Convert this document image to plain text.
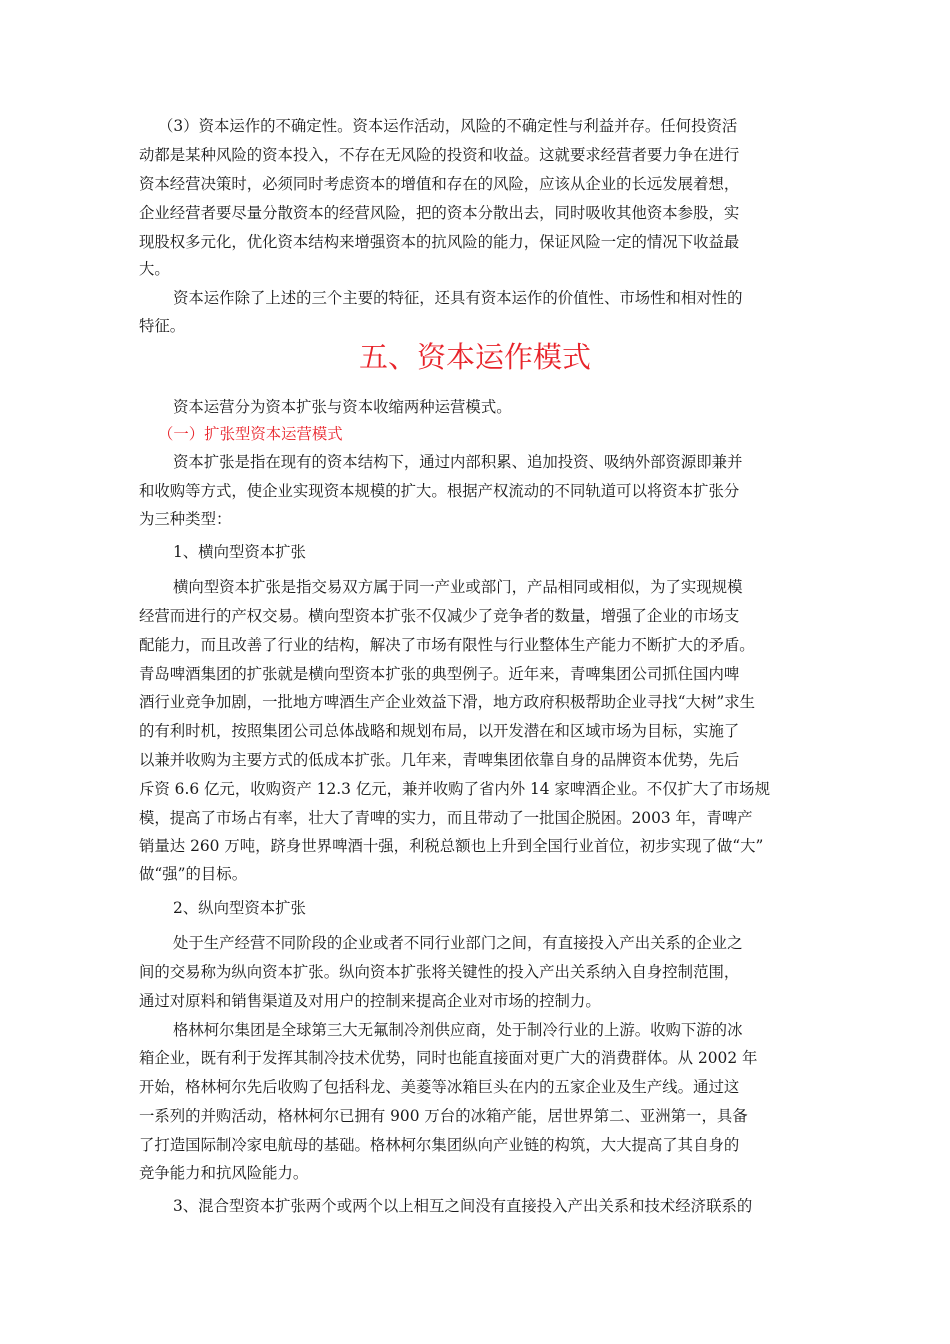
（3）资本运作的不确定性。资本运作活动，风险的不确定性与利益并存。任何投资活
动都是某种风险的资本投入，不存在无风险的投资和收益。这就要求经营者要力争在进行
资本经营决策时，必须同时考虑资本的增值和存在的风险，应该从企业的长远发展着想，
企业经营者要尽量分散资本的经营风险，把的资本分散出去，同时吸收其他资本参股，实
现股权多元化，优化资本结构来增强资本的抗风险的能力，保证风险一定的情况下收益最
大。
资本运作除了上述的三个主要的特征，还具有资本运作的价值性、市场性和相对性的
特征。
五、资本运作模式
资本运营分为资本扩张与资本收缩两种运营模式。
（一）扩张型资本运营模式
资本扩张是指在现有的资本结构下，通过内部积累、追加投资、吸纳外部资源即兼并
和收购等方式，使企业实现资本规模的扩大。根据产权流动的不同轨道可以将资本扩张分
为三种类型：
1、横向型资本扩张
横向型资本扩张是指交易双方属于同一产业或部门，产品相同或相似，为了实现规模
经营而进行的产权交易。横向型资本扩张不仅减少了竞争者的数量，增强了企业的市场支
配能力，而且改善了行业的结构，解决了市场有限性与行业整体生产能力不断扩大的矛盾。
青岛啤酒集团的扩张就是横向型资本扩张的典型例子。近年来，青啤集团公司抓住国内啤
酒行业竞争加剧，一批地方啤酒生产企业效益下滑，地方政府积极帮助企业寻找“大树”求生
的有利时机，按照集团公司总体战略和规划布局，以开发潜在和区域市场为目标，实施了
以兼并收购为主要方式的低成本扩张。几年来，青啤集团依靠自身的品牌资本优势，先后
斥资 6.6 亿元，收购资产 12.3 亿元，兼并收购了省内外 14 家啤酒企业。不仅扩大了市场规
模，提高了市场占有率，壮大了青啤的实力，而且带动了一批国企脱困。2003 年，青啤产
销量达 260 万吨，跻身世界啤酒十强，利税总额也上升到全国行业首位，初步实现了做“大”
做“强”的目标。
2、纵向型资本扩张
处于生产经营不同阶段的企业或者不同行业部门之间，有直接投入产出关系的企业之
间的交易称为纵向资本扩张。纵向资本扩张将关键性的投入产出关系纳入自身控制范围，
通过对原料和销售渠道及对用户的控制来提高企业对市场的控制力。
格林柯尔集团是全球第三大无氟制冷剂供应商，处于制冷行业的上游。收购下游的冰
箱企业，既有利于发挥其制冷技术优势，同时也能直接面对更广大的消费群体。从 2002 年
开始，格林柯尔先后收购了包括科龙、美菱等冰箱巨头在内的五家企业及生产线。通过这
一系列的并购活动，格林柯尔已拥有 900 万台的冰箱产能，居世界第二、亚洲第一，具备
了打造国际制冷家电航母的基础。格林柯尔集团纵向产业链的构筑，大大提高了其自身的
竞争能力和抗风险能力。
3、混合型资本扩张两个或两个以上相互之间没有直接投入产出关系和技术经济联系的
